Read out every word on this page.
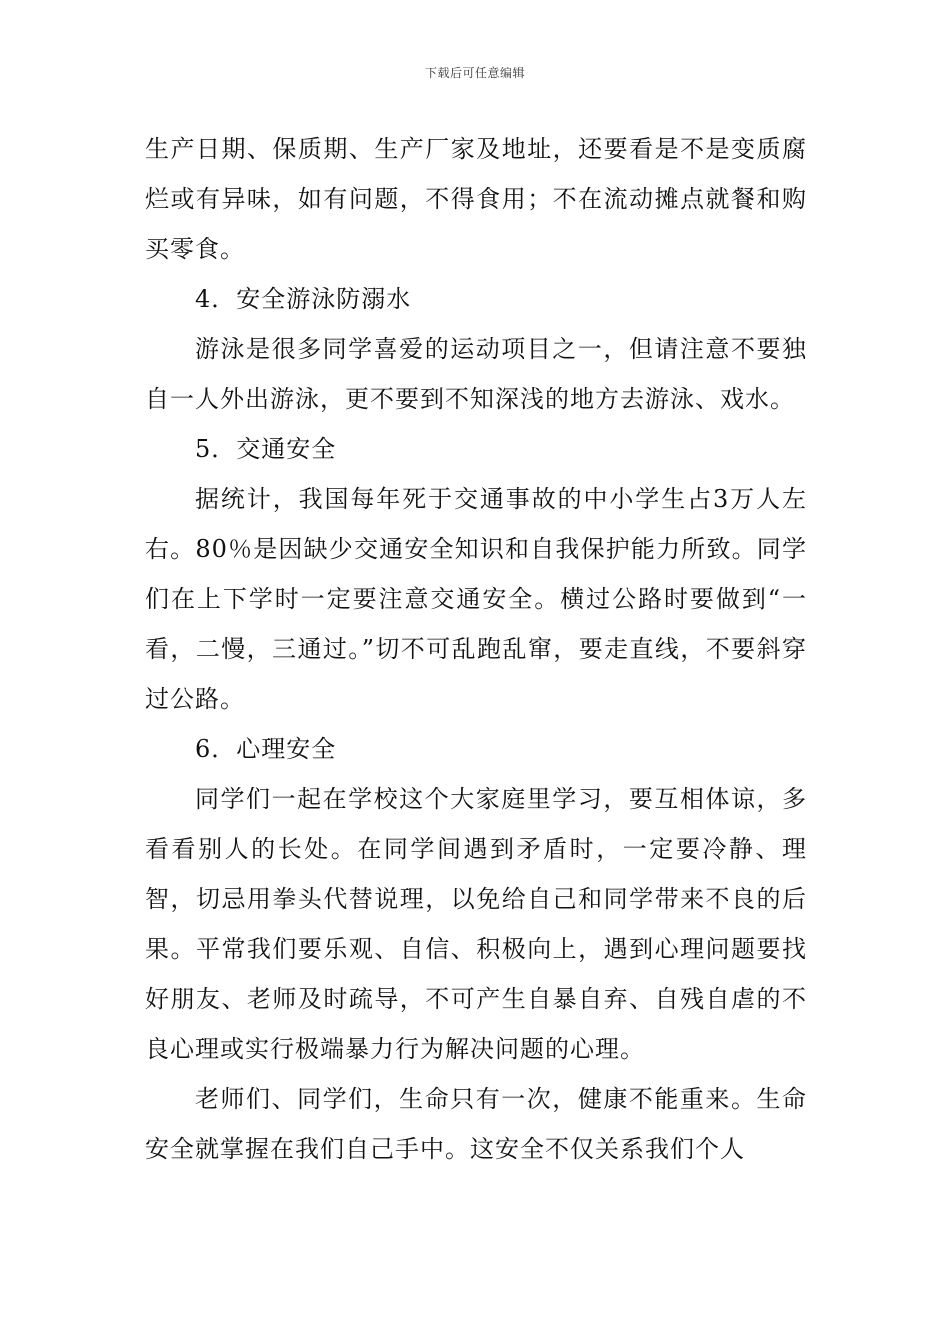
下载后可任意编辑

生产日期、保质期、生产厂家及地址，还要看是不是变质腐烂或有异味，如有问题，不得食用；不在流动摊点就餐和购买零食。

4．安全游泳防溺水

游泳是很多同学喜爱的运动项目之一，但请注意不要独自一人外出游泳，更不要到不知深浅的地方去游泳、戏水。

5．交通安全

据统计，我国每年死于交通事故的中小学生占3万人左右。80％是因缺少交通安全知识和自我保护能力所致。同学们在上下学时一定要注意交通安全。横过公路时要做到“一看，二慢，三通过。”切不可乱跑乱窜，要走直线，不要斜穿过公路。

6．心理安全

同学们一起在学校这个大家庭里学习，要互相体谅，多看看别人的长处。在同学间遇到矛盾时，一定要冷静、理智，切忌用拳头代替说理，以免给自己和同学带来不良的后果。平常我们要乐观、自信、积极向上，遇到心理问题要找好朋友、老师及时疏导，不可产生自暴自弃、自残自虐的不良心理或实行极端暴力行为解决问题的心理。

老师们、同学们，生命只有一次，健康不能重来。生命安全就掌握在我们自己手中。这安全不仅关系我们个人
